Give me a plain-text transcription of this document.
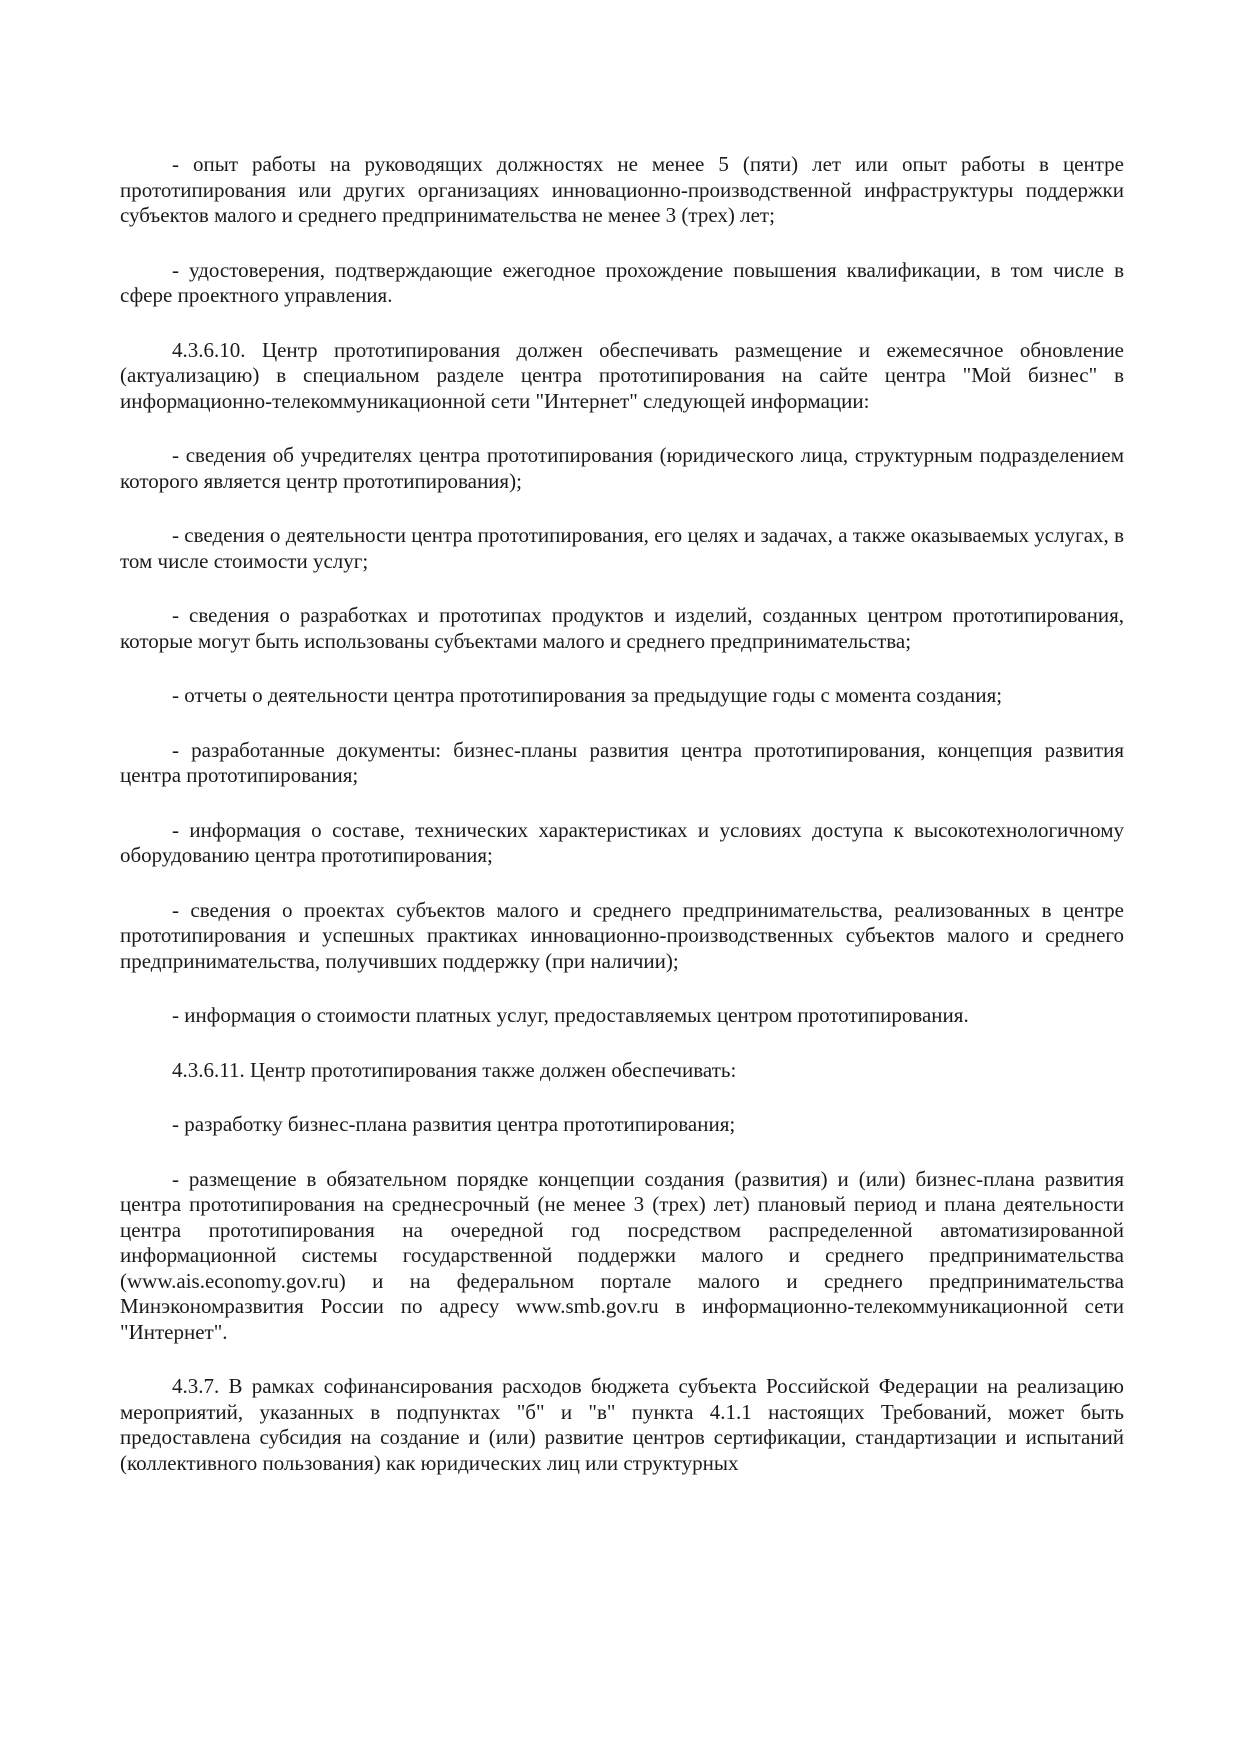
- опыт работы на руководящих должностях не менее 5 (пяти) лет или опыт работы в центре прототипирования или других организациях инновационно-производственной инфраструктуры поддержки субъектов малого и среднего предпринимательства не менее 3 (трех) лет;

- удостоверения, подтверждающие ежегодное прохождение повышения квалификации, в том числе в сфере проектного управления.

4.3.6.10. Центр прототипирования должен обеспечивать размещение и ежемесячное обновление (актуализацию) в специальном разделе центра прототипирования на сайте центра "Мой бизнес" в информационно-телекоммуникационной сети "Интернет" следующей информации:

- сведения об учредителях центра прототипирования (юридического лица, структурным подразделением которого является центр прототипирования);

- сведения о деятельности центра прототипирования, его целях и задачах, а также оказываемых услугах, в том числе стоимости услуг;

- сведения о разработках и прототипах продуктов и изделий, созданных центром прототипирования, которые могут быть использованы субъектами малого и среднего предпринимательства;

- отчеты о деятельности центра прототипирования за предыдущие годы с момента создания;

- разработанные документы: бизнес-планы развития центра прототипирования, концепция развития центра прототипирования;

- информация о составе, технических характеристиках и условиях доступа к высокотехнологичному оборудованию центра прототипирования;

- сведения о проектах субъектов малого и среднего предпринимательства, реализованных в центре прототипирования и успешных практиках инновационно-производственных субъектов малого и среднего предпринимательства, получивших поддержку (при наличии);

- информация о стоимости платных услуг, предоставляемых центром прототипирования.

4.3.6.11. Центр прототипирования также должен обеспечивать:

- разработку бизнес-плана развития центра прототипирования;

- размещение в обязательном порядке концепции создания (развития) и (или) бизнес-плана развития центра прототипирования на среднесрочный (не менее 3 (трех) лет) плановый период и плана деятельности центра прототипирования на очередной год посредством распределенной автоматизированной информационной системы государственной поддержки малого и среднего предпринимательства (www.ais.economy.gov.ru) и на федеральном портале малого и среднего предпринимательства Минэкономразвития России по адресу www.smb.gov.ru в информационно-телекоммуникационной сети "Интернет".

4.3.7. В рамках софинансирования расходов бюджета субъекта Российской Федерации на реализацию мероприятий, указанных в подпунктах "б" и "в" пункта 4.1.1 настоящих Требований, может быть предоставлена субсидия на создание и (или) развитие центров сертификации, стандартизации и испытаний (коллективного пользования) как юридических лиц или структурных
